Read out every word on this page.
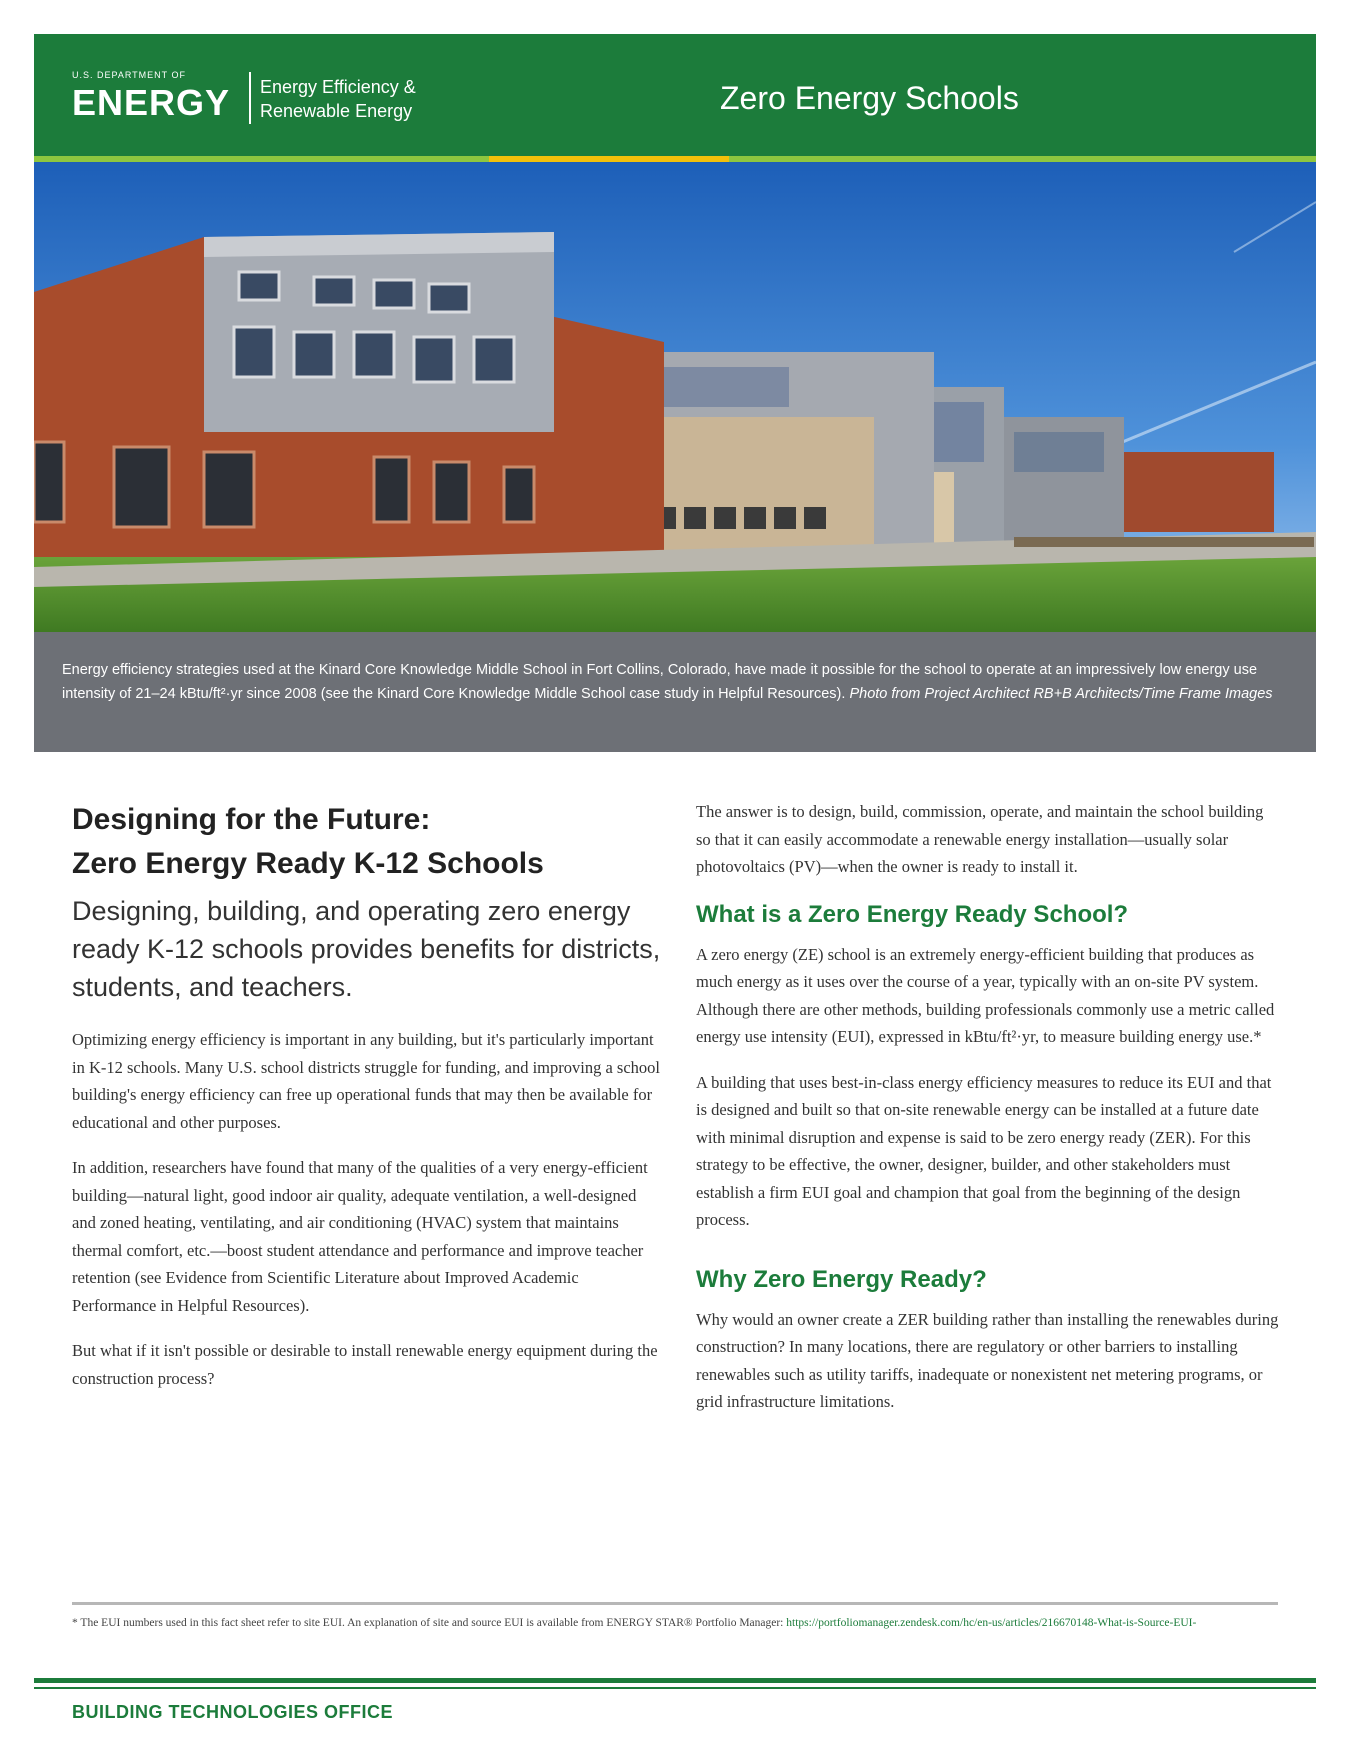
U.S. DEPARTMENT OF
ENERGY Energy Efficiency &
Renewable Energy	Zero Energy Schools

Energy efficiency strategies used at the Kinard Core Knowledge Middle School in Fort Collins, Colorado, have made it possible for the school to operate at an impressively low energy use intensity of 21–24 kBtu/ft²·yr since 2008 (see the Kinard Core Knowledge Middle School case study in Helpful Resources). Photo from Project Architect RB+B Architects/Time Frame Images

Designing for the Future:
Zero Energy Ready K-12 Schools

Designing, building, and operating zero energy ready K-12 schools provides benefits for districts, students, and teachers.

Optimizing energy efficiency is important in any building, but it's particularly important in K-12 schools. Many U.S. school districts struggle for funding, and improving a school building's energy efficiency can free up operational funds that may then be available for educational and other purposes.

In addition, researchers have found that many of the qualities of a very energy-efficient building—natural light, good indoor air quality, adequate ventilation, a well-designed and zoned heating, ventilating, and air conditioning (HVAC) system that maintains thermal comfort, etc.—boost student attendance and performance and improve teacher retention (see Evidence from Scientific Literature about Improved Academic Performance in Helpful Resources).

But what if it isn't possible or desirable to install renewable energy equipment during the construction process?

The answer is to design, build, commission, operate, and maintain the school building so that it can easily accommodate a renewable energy installation—usually solar photovoltaics (PV)—when the owner is ready to install it.

What is a Zero Energy Ready School?

A zero energy (ZE) school is an extremely energy-efficient building that produces as much energy as it uses over the course of a year, typically with an on-site PV system. Although there are other methods, building professionals commonly use a metric called energy use intensity (EUI), expressed in kBtu/ft²·yr, to measure building energy use.*

A building that uses best-in-class energy efficiency measures to reduce its EUI and that is designed and built so that on-site renewable energy can be installed at a future date with minimal disruption and expense is said to be zero energy ready (ZER). For this strategy to be effective, the owner, designer, builder, and other stakeholders must establish a firm EUI goal and champion that goal from the beginning of the design process.

Why Zero Energy Ready?

Why would an owner create a ZER building rather than installing the renewables during construction? In many locations, there are regulatory or other barriers to installing renewables such as utility tariffs, inadequate or nonexistent net metering programs, or grid infrastructure limitations.

* The EUI numbers used in this fact sheet refer to site EUI. An explanation of site and source EUI is available from ENERGY STAR® Portfolio Manager: https://portfoliomanager.zendesk.com/hc/en-us/articles/216670148-What-is-Source-EUI-

BUILDING TECHNOLOGIES OFFICE
